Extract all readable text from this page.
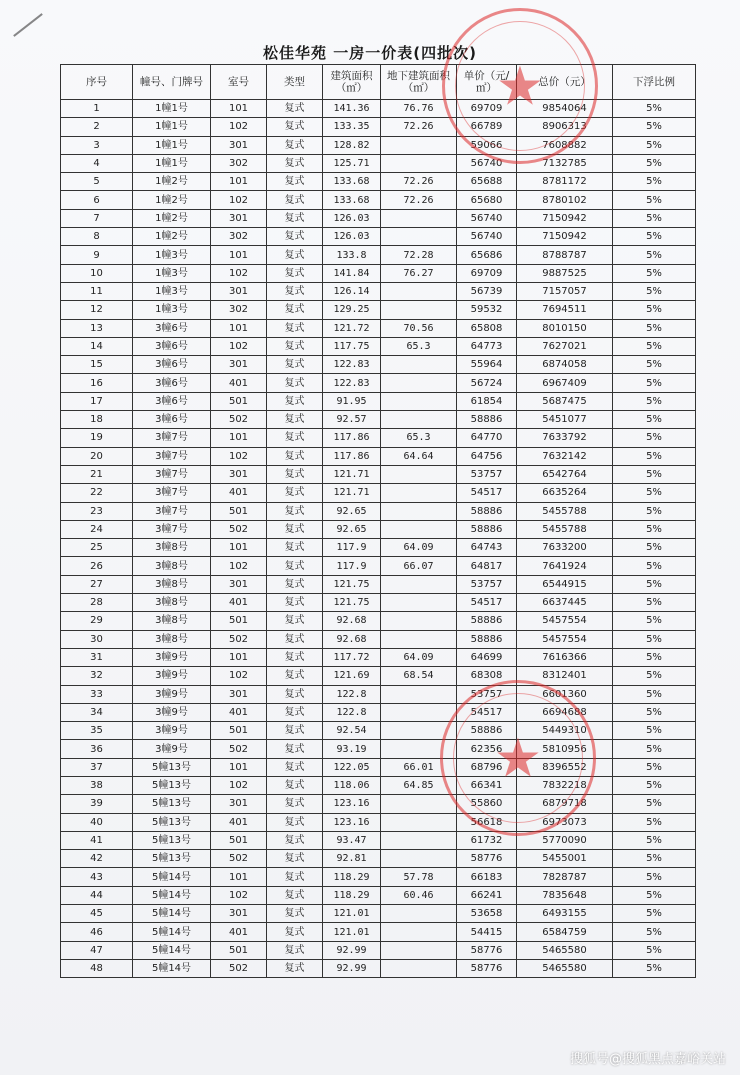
松佳华苑 一房一价表(四批次)
序号	幢号、门牌号	室号	类型	建筑面积（㎡）	地下建筑面积（㎡）	单价（元/㎡）	总价（元）	下浮比例
1	1幢1号	101	复式	141.36	76.76	69709	9854064	5%
2	1幢1号	102	复式	133.35	72.26	66789	8906313	5%
3	1幢1号	301	复式	128.82		59066	7608882	5%
4	1幢1号	302	复式	125.71		56740	7132785	5%
5	1幢2号	101	复式	133.68	72.26	65688	8781172	5%
6	1幢2号	102	复式	133.68	72.26	65680	8780102	5%
7	1幢2号	301	复式	126.03		56740	7150942	5%
8	1幢2号	302	复式	126.03		56740	7150942	5%
9	1幢3号	101	复式	133.8	72.28	65686	8788787	5%
10	1幢3号	102	复式	141.84	76.27	69709	9887525	5%
11	1幢3号	301	复式	126.14		56739	7157057	5%
12	1幢3号	302	复式	129.25		59532	7694511	5%
13	3幢6号	101	复式	121.72	70.56	65808	8010150	5%
14	3幢6号	102	复式	117.75	65.3	64773	7627021	5%
15	3幢6号	301	复式	122.83		55964	6874058	5%
16	3幢6号	401	复式	122.83		56724	6967409	5%
17	3幢6号	501	复式	91.95		61854	5687475	5%
18	3幢6号	502	复式	92.57		58886	5451077	5%
19	3幢7号	101	复式	117.86	65.3	64770	7633792	5%
20	3幢7号	102	复式	117.86	64.64	64756	7632142	5%
21	3幢7号	301	复式	121.71		53757	6542764	5%
22	3幢7号	401	复式	121.71		54517	6635264	5%
23	3幢7号	501	复式	92.65		58886	5455788	5%
24	3幢7号	502	复式	92.65		58886	5455788	5%
25	3幢8号	101	复式	117.9	64.09	64743	7633200	5%
26	3幢8号	102	复式	117.9	66.07	64817	7641924	5%
27	3幢8号	301	复式	121.75		53757	6544915	5%
28	3幢8号	401	复式	121.75		54517	6637445	5%
29	3幢8号	501	复式	92.68		58886	5457554	5%
30	3幢8号	502	复式	92.68		58886	5457554	5%
31	3幢9号	101	复式	117.72	64.09	64699	7616366	5%
32	3幢9号	102	复式	121.69	68.54	68308	8312401	5%
33	3幢9号	301	复式	122.8		53757	6601360	5%
34	3幢9号	401	复式	122.8		54517	6694688	5%
35	3幢9号	501	复式	92.54		58886	5449310	5%
36	3幢9号	502	复式	93.19		62356	5810956	5%
37	5幢13号	101	复式	122.05	66.01	68796	8396552	5%
38	5幢13号	102	复式	118.06	64.85	66341	7832218	5%
39	5幢13号	301	复式	123.16		55860	6879718	5%
40	5幢13号	401	复式	123.16		56618	6973073	5%
41	5幢13号	501	复式	93.47		61732	5770090	5%
42	5幢13号	502	复式	92.81		58776	5455001	5%
43	5幢14号	101	复式	118.29	57.78	66183	7828787	5%
44	5幢14号	102	复式	118.29	60.46	66241	7835648	5%
45	5幢14号	301	复式	121.01		53658	6493155	5%
46	5幢14号	401	复式	121.01		54415	6584759	5%
47	5幢14号	501	复式	92.99		58776	5465580	5%
48	5幢14号	502	复式	92.99		58776	5465580	5%
★
★
搜狐号@搜狐黑点嘉峪关站
